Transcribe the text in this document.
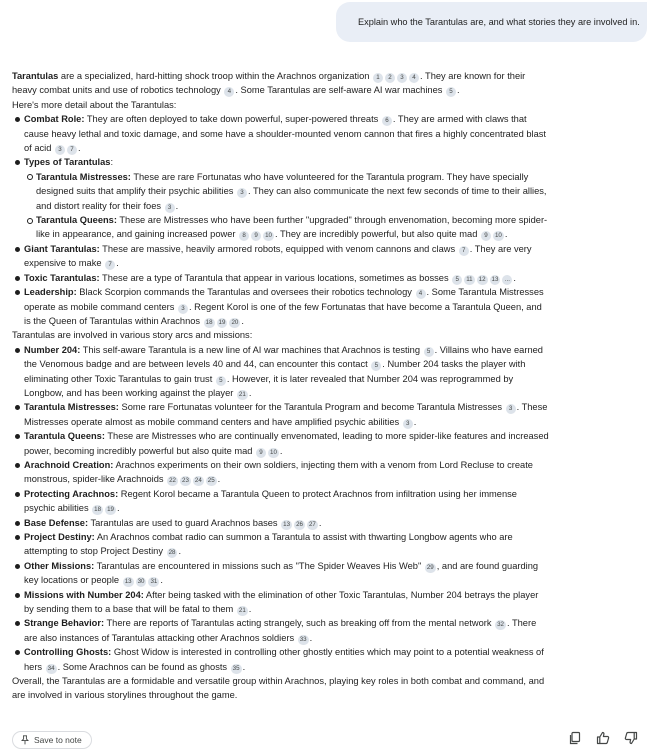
Explain who the Tarantulas are, and what stories they are involved in.

Tarantulas are a specialized, hard-hitting shock troop within the Arachnos organization 1 2 3 4 . They are known for their heavy combat units and use of robotics technology 4 . Some Tarantulas are self-aware AI war machines 5 .

Here's more detail about the Tarantulas:

Combat Role: They are often deployed to take down powerful, super-powered threats 6 . They are armed with claws that cause heavy lethal and toxic damage, and some have a shoulder-mounted venom cannon that fires a highly concentrated blast of acid 3 7 .
Types of Tarantulas:
Tarantula Mistresses: These are rare Fortunatas who have volunteered for the Tarantula program. They have specially designed suits that amplify their psychic abilities 3 . They can also communicate the next few seconds of time to their allies, and distort reality for their foes 3 .
Tarantula Queens: These are Mistresses who have been further "upgraded" through envenomation, becoming more spider-like in appearance, and gaining increased power 8 9 10 . They are incredibly powerful, but also quite mad 9 10 .
Giant Tarantulas: These are massive, heavily armored robots, equipped with venom cannons and claws 7 . They are very expensive to make 7 .
Toxic Tarantulas: These are a type of Tarantula that appear in various locations, sometimes as bosses 5 11 12 13 ... .
Leadership: Black Scorpion commands the Tarantulas and oversees their robotics technology 4 . Some Tarantula Mistresses operate as mobile command centers 3 . Regent Korol is one of the few Fortunatas that have become a Tarantula Queen, and is the Queen of Tarantulas within Arachnos 18 19 20 .

Tarantulas are involved in various story arcs and missions:

Number 204: This self-aware Tarantula is a new line of AI war machines that Arachnos is testing 5 . Villains who have earned the Venomous badge and are between levels 40 and 44, can encounter this contact 5 . Number 204 tasks the player with eliminating other Toxic Tarantulas to gain trust 5 . However, it is later revealed that Number 204 was reprogrammed by Longbow, and has been working against the player 21 .
Tarantula Mistresses: Some rare Fortunatas volunteer for the Tarantula Program and become Tarantula Mistresses 3 . These Mistresses operate almost as mobile command centers and have amplified psychic abilities 3 .
Tarantula Queens: These are Mistresses who are continually envenomated, leading to more spider-like features and increased power, becoming incredibly powerful but also quite mad 9 10 .
Arachnoid Creation: Arachnos experiments on their own soldiers, injecting them with a venom from Lord Recluse to create monstrous, spider-like Arachnoids 22 23 24 25 .
Protecting Arachnos: Regent Korol became a Tarantula Queen to protect Arachnos from infiltration using her immense psychic abilities 18 19 .
Base Defense: Tarantulas are used to guard Arachnos bases 13 26 27 .
Project Destiny: An Arachnos combat radio can summon a Tarantula to assist with thwarting Longbow agents who are attempting to stop Project Destiny 28 .
Other Missions: Tarantulas are encountered in missions such as "The Spider Weaves His Web" 29 , and are found guarding key locations or people 13 30 31 .
Missions with Number 204: After being tasked with the elimination of other Toxic Tarantulas, Number 204 betrays the player by sending them to a base that will be fatal to them 21 .
Strange Behavior: There are reports of Tarantulas acting strangely, such as breaking off from the mental network 32 . There are also instances of Tarantulas attacking other Arachnos soldiers 33 .
Controlling Ghosts: Ghost Widow is interested in controlling other ghostly entities which may point to a potential weakness of hers 34 . Some Arachnos can be found as ghosts 35 .

Overall, the Tarantulas are a formidable and versatile group within Arachnos, playing key roles in both combat and command, and are involved in various storylines throughout the game.

Save to note
